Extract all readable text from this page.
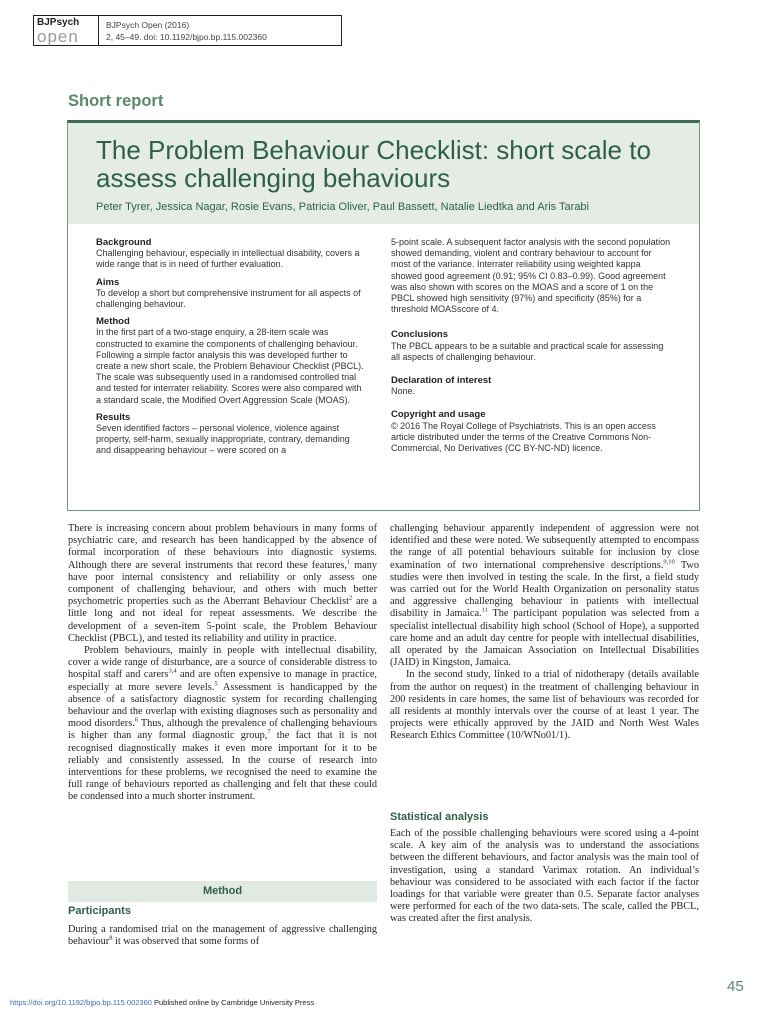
BJPsych
open
BJPsych Open (2016)
2, 45–49. doi: 10.1192/bjpo.bp.115.002360
Short report
The Problem Behaviour Checklist: short scale to assess challenging behaviours
Peter Tyrer, Jessica Nagar, Rosie Evans, Patricia Oliver, Paul Bassett, Natalie Liedtka and Aris Tarabi
Background

Challenging behaviour, especially in intellectual disability, covers a wide range that is in need of further evaluation.

Aims

To develop a short but comprehensive instrument for all aspects of challenging behaviour.

Method

In the first part of a two-stage enquiry, a 28-item scale was constructed to examine the components of challenging behaviour. Following a simple factor analysis this was developed further to create a new short scale, the Problem Behaviour Checklist (PBCL). The scale was subsequently used in a randomised controlled trial and tested for interrater reliability. Scores were also compared with a standard scale, the Modified Overt Aggression Scale (MOAS).

Results

Seven identified factors – personal violence, violence against property, self-harm, sexually inappropriate, contrary, demanding and disappearing behaviour – were scored on a

5-point scale. A subsequent factor analysis with the second population showed demanding, violent and contrary behaviour to account for most of the variance. Interrater reliability using weighted kappa showed good agreement (0.91; 95% CI 0.83–0.99). Good agreement was also shown with scores on the MOAS and a score of 1 on the PBCL showed high sensitivity (97%) and specificity (85%) for a threshold MOASscore of 4.

Conclusions

The PBCL appears to be a suitable and practical scale for assessing all aspects of challenging behaviour.

Declaration of interest

None.

Copyright and usage

© 2016 The Royal College of Psychiatrists. This is an open access article distributed under the terms of the Creative Commons Non-Commercial, No Derivatives (CC BY-NC-ND) licence.

There is increasing concern about problem behaviours in many forms of psychiatric care, and research has been handicapped by the absence of formal incorporation of these behaviours into diagnostic systems. Although there are several instruments that record these features,$^1$ many have poor internal consistency and reliability or only assess one component of challenging behaviour, and others with much better psychometric properties such as the Aberrant Behaviour Checklist$^2$ are a little long and not ideal for repeat assessments. We describe the development of a seven-item 5-point scale, the Problem Behaviour Checklist (PBCL), and tested its reliability and utility in practice.

Problem behaviours, mainly in people with intellectual disability, cover a wide range of disturbance, are a source of considerable distress to hospital staff and carers$^{3,4}$ and are often expensive to manage in practice, especially at more severe levels.$^5$ Assessment is handicapped by the absence of a satisfactory diagnostic system for recording challenging behaviour and the overlap with existing diagnoses such as personality and mood disorders.$^6$ Thus, although the prevalence of challenging behaviours is higher than any formal diagnostic group,$^7$ the fact that it is not recognised diagnostically makes it even more important for it to be reliably and consistently assessed. In the course of research into interventions for these problems, we recognised the need to examine the full range of behaviours reported as challenging and felt that these could be condensed into a much shorter instrument.

Method
Participants
During a randomised trial on the management of aggressive challenging behaviour$^8$ it was observed that some forms of

challenging behaviour apparently independent of aggression were not identified and these were noted. We subsequently attempted to encompass the range of all potential behaviours suitable for inclusion by close examination of two international comprehensive descriptions.$^{9,10}$ Two studies were then involved in testing the scale. In the first, a field study was carried out for the World Health Organization on personality status and aggressive challenging behaviour in patients with intellectual disability in Jamaica.$^{11}$ The participant population was selected from a specialist intellectual disability high school (School of Hope), a supported care home and an adult day centre for people with intellectual disabilities, all operated by the Jamaican Association on Intellectual Disabilities (JAID) in Kingston, Jamaica.

In the second study, linked to a trial of nidotherapy (details available from the author on request) in the treatment of challenging behaviour in 200 residents in care homes, the same list of behaviours was recorded for all residents at monthly intervals over the course of at least 1 year. The projects were ethically approved by the JAID and North West Wales Research Ethics Committee (10/WNo01/1).

Statistical analysis
Each of the possible challenging behaviours were scored using a 4-point scale. A key aim of the analysis was to understand the associations between the different behaviours, and factor analysis was the main tool of investigation, using a standard Varimax rotation. An individual’s behaviour was considered to be associated with each factor if the factor loadings for that variable were greater than 0.5. Separate factor analyses were performed for each of the two data-sets. The scale, called the PBCL, was created after the first analysis.
45
https://doi.org/10.1192/bjpo.bp.115.002360 Published online by Cambridge University Press
